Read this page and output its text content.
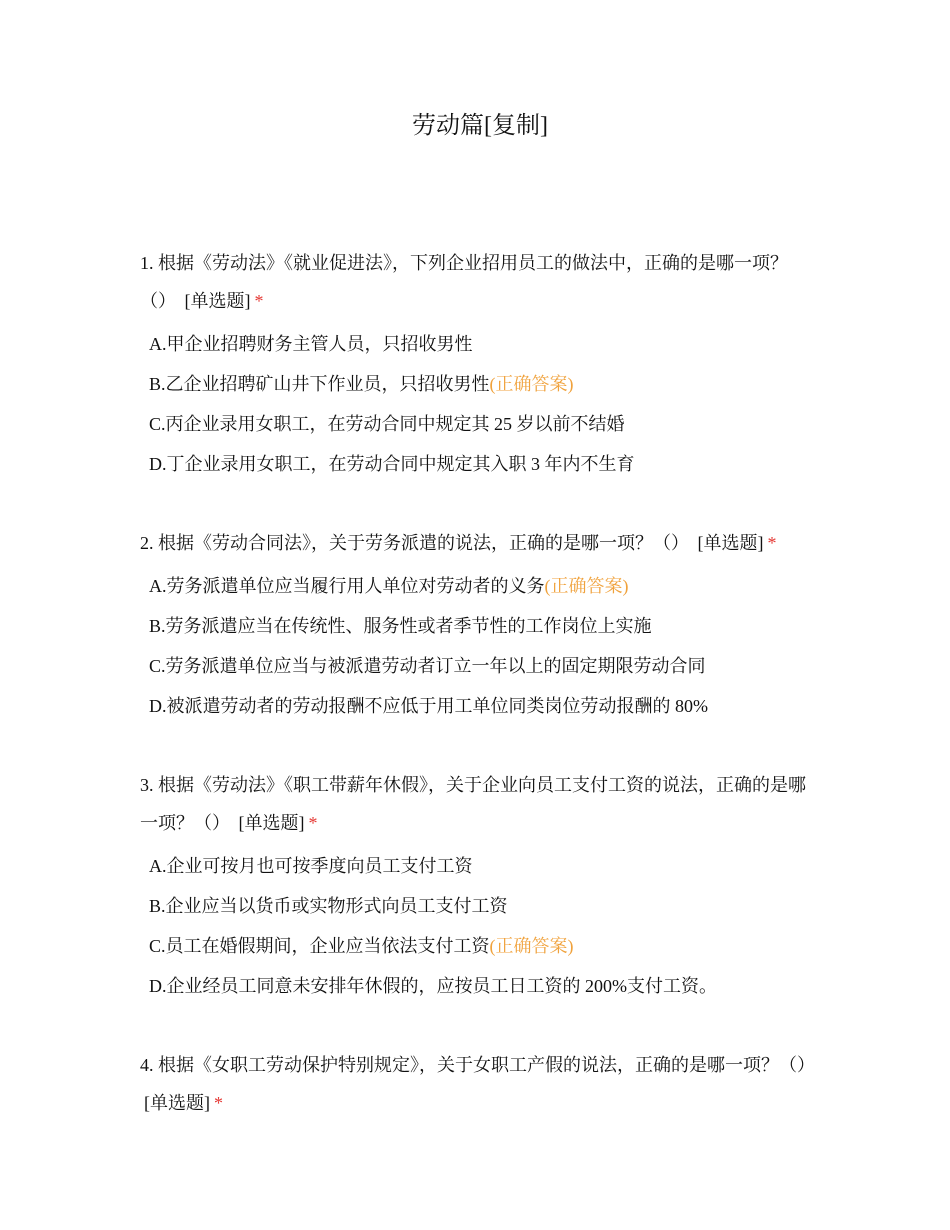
劳动篇[复制]

1. 根据《劳动法》《就业促进法》，下列企业招用员工的做法中，正确的是哪一项？（） [单选题] *

A.甲企业招聘财务主管人员，只招收男性

B.乙企业招聘矿山井下作业员，只招收男性(正确答案)

C.丙企业录用女职工，在劳动合同中规定其 25 岁以前不结婚

D.丁企业录用女职工，在劳动合同中规定其入职 3 年内不生育

2. 根据《劳动合同法》，关于劳务派遣的说法，正确的是哪一项？（） [单选题] *

A.劳务派遣单位应当履行用人单位对劳动者的义务(正确答案)

B.劳务派遣应当在传统性、服务性或者季节性的工作岗位上实施

C.劳务派遣单位应当与被派遣劳动者订立一年以上的固定期限劳动合同

D.被派遣劳动者的劳动报酬不应低于用工单位同类岗位劳动报酬的 80%

3. 根据《劳动法》《职工带薪年休假》，关于企业向员工支付工资的说法，正确的是哪一项？（） [单选题] *

A.企业可按月也可按季度向员工支付工资

B.企业应当以货币或实物形式向员工支付工资

C.员工在婚假期间，企业应当依法支付工资(正确答案)

D.企业经员工同意未安排年休假的，应按员工日工资的 200%支付工资。

4. 根据《女职工劳动保护特别规定》，关于女职工产假的说法，正确的是哪一项？（） [单选题] *
